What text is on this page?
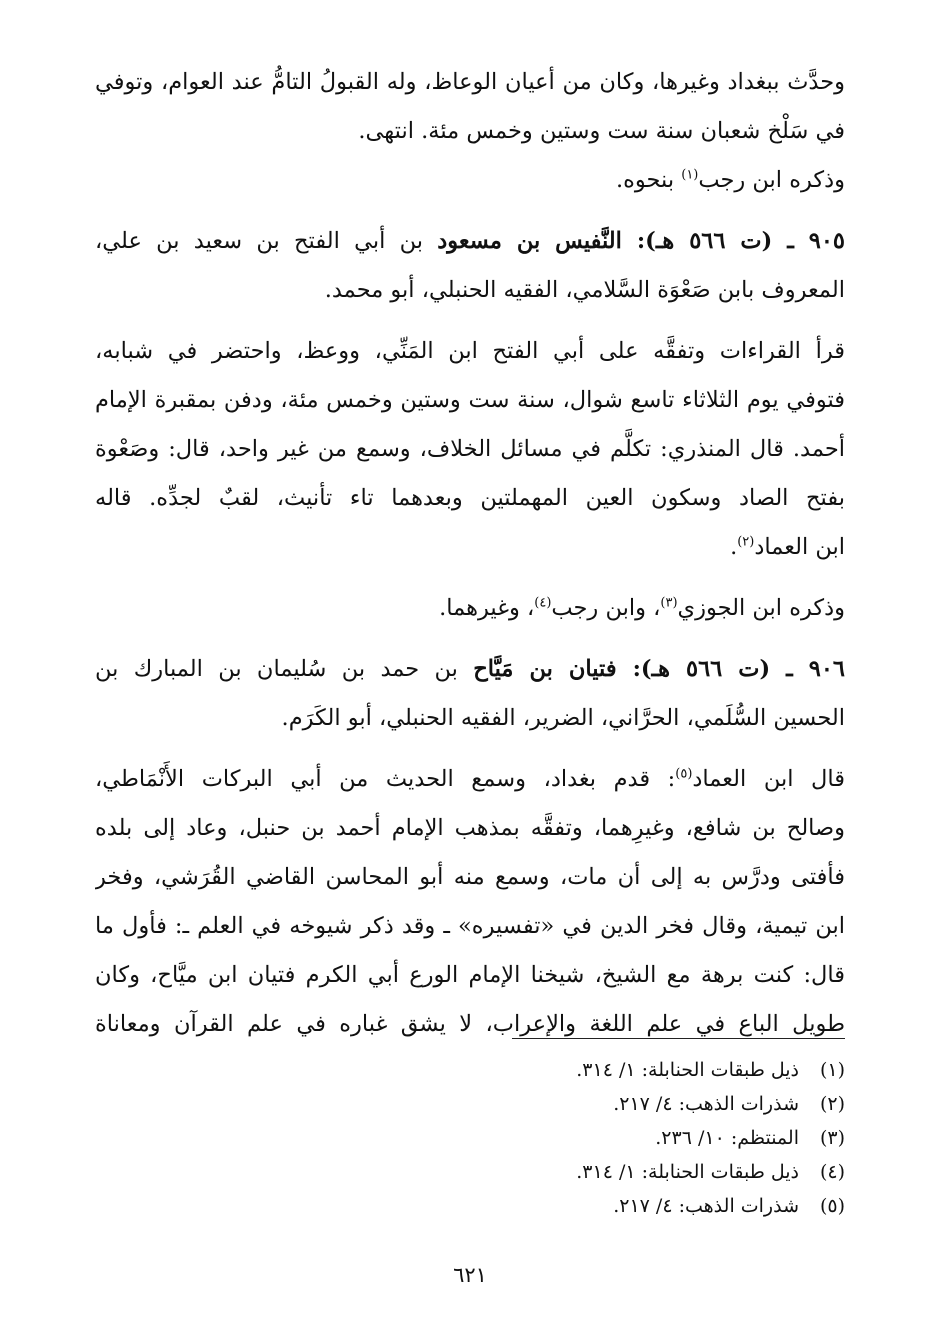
وحدَّث ببغداد وغيرها، وكان من أعيان الوعاظ، وله القبولُ التامُّ عند العوام، وتوفي
في سَلْخ شعبان سنة ست وستين وخمس مئة. انتهى.
وذكره ابن رجب$^{(١)}$ بنحوه.
٩٠٥ ـ (ت ٥٦٦ هـ): النَّفيس بن مسعود بن أبي الفتح بن سعيد بن علي،
المعروف بابن صَعْوَة السَّلامي، الفقيه الحنبلي، أبو محمد.
قرأ القراءات وتفقَّه على أبي الفتح ابن المَنِّي، ووعظ، واحتضر في شبابه،
فتوفي يوم الثلاثاء تاسع شوال، سنة ست وستين وخمس مئة، ودفن بمقبرة الإمام
أحمد. قال المنذري: تكلَّم في مسائل الخلاف، وسمع من غير واحد، قال: وصَعْوة
بفتح الصاد وسكون العين المهملتين وبعدهما تاء تأنيث، لقبٌ لجدِّه. قاله
ابن العماد$^{(٢)}$.
وذكره ابن الجوزي$^{(٣)}$، وابن رجب$^{(٤)}$، وغيرهما.
٩٠٦ ـ (ت ٥٦٦ هـ): فتيان بن مَيَّاح بن حمد بن سُليمان بن المبارك بن
الحسين السُّلَمي، الحرَّاني، الضرير، الفقيه الحنبلي، أبو الكَرَم.
قال ابن العماد$^{(٥)}$: قدم بغداد، وسمع الحديث من أبي البركات الأَنْمَاطي،
وصالح بن شافع، وغيرِهما، وتفقَّه بمذهب الإمام أحمد بن حنبل، وعاد إلى بلده
فأفتى ودرَّس به إلى أن مات، وسمع منه أبو المحاسن القاضي القُرَشي، وفخر
ابن تيمية، وقال فخر الدين في «تفسيره» ـ وقد ذكر شيوخه في العلم ـ: فأول ما
قال: كنت برهة مع الشيخ، شيخنا الإمام الورع أبي الكرم فتيان ابن ميَّاح، وكان
طويل الباع في علم اللغة والإعراب، لا يشق غباره في علم القرآن ومعاناة
(١)ذيل طبقات الحنابلة: ١/ ٣١٤.
(٢)شذرات الذهب: ٤/ ٢١٧.
(٣)المنتظم: ١٠/ ٢٣٦.
(٤)ذيل طبقات الحنابلة: ١/ ٣١٤.
(٥)شذرات الذهب: ٤/ ٢١٧.
٦٢١
